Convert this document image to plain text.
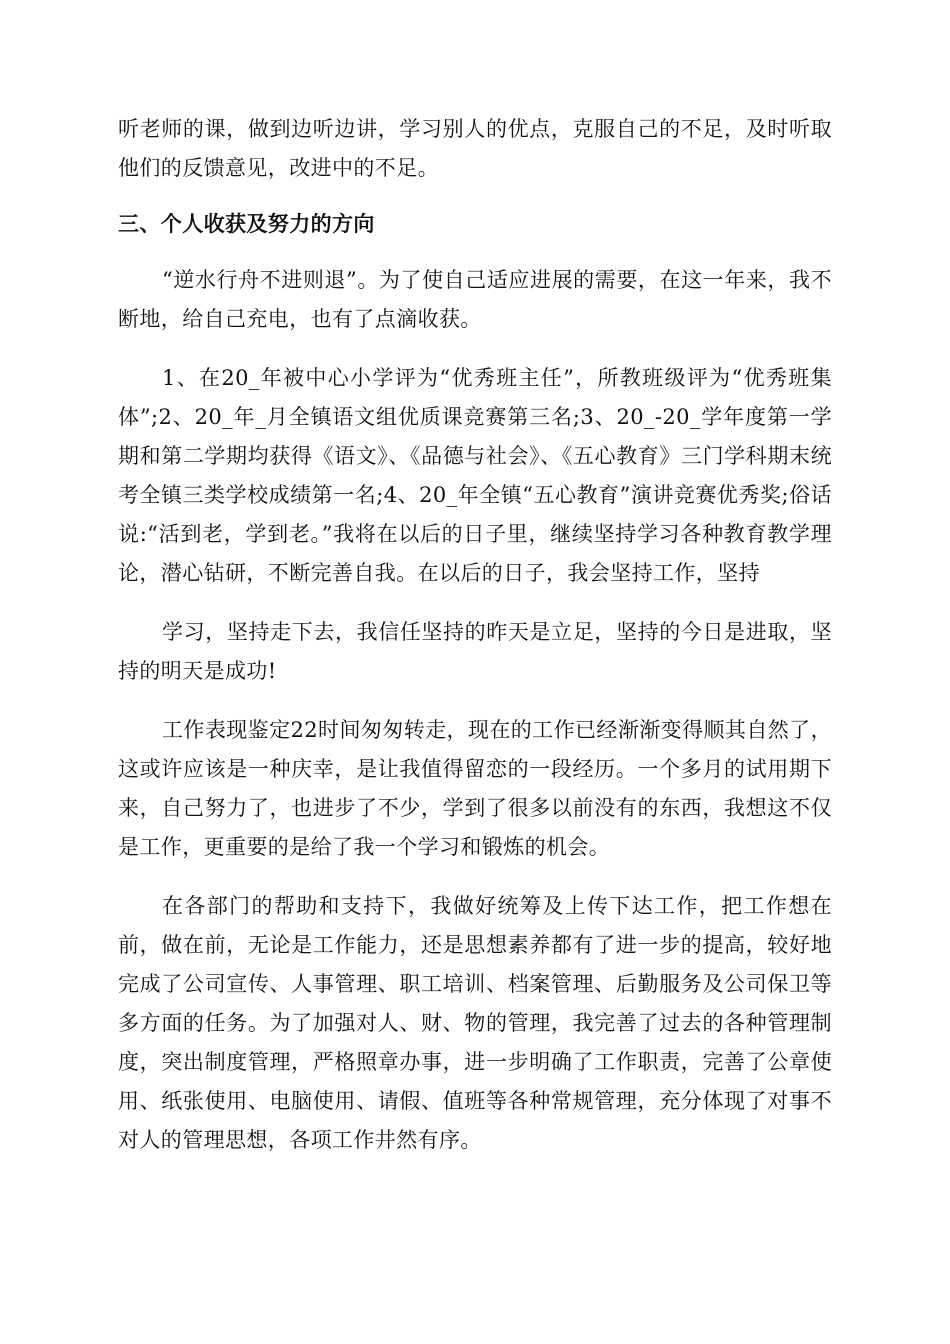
听老师的课，做到边听边讲，学习别人的优点，克服自己的不足，及时听取他们的反馈意见，改进中的不足。

三、个人收获及努力的方向

“逆水行舟不进则退”。为了使自己适应进展的需要，在这一年来，我不断地，给自己充电，也有了点滴收获。

1、在20_年被中心小学评为“优秀班主任”，所教班级评为“优秀班集体”;2、20_年_月全镇语文组优质课竞赛第三名;3、20_-20_学年度第一学期和第二学期均获得《语文》、《品德与社会》、《五心教育》三门学科期末统考全镇三类学校成绩第一名;4、20_年全镇“五心教育”演讲竞赛优秀奖;俗话说:“活到老，学到老。”我将在以后的日子里，继续坚持学习各种教育教学理论，潜心钻研，不断完善自我。在以后的日子，我会坚持工作，坚持

学习，坚持走下去，我信任坚持的昨天是立足，坚持的今日是进取，坚持的明天是成功!

工作表现鉴定22时间匆匆转走，现在的工作已经渐渐变得顺其自然了，这或许应该是一种庆幸，是让我值得留恋的一段经历。一个多月的试用期下来，自己努力了，也进步了不少，学到了很多以前没有的东西，我想这不仅是工作，更重要的是给了我一个学习和锻炼的机会。

在各部门的帮助和支持下，我做好统筹及上传下达工作，把工作想在前，做在前，无论是工作能力，还是思想素养都有了进一步的提高，较好地完成了公司宣传、人事管理、职工培训、档案管理、后勤服务及公司保卫等多方面的任务。为了加强对人、财、物的管理，我完善了过去的各种管理制度，突出制度管理，严格照章办事，进一步明确了工作职责，完善了公章使用、纸张使用、电脑使用、请假、值班等各种常规管理，充分体现了对事不对人的管理思想，各项工作井然有序。
